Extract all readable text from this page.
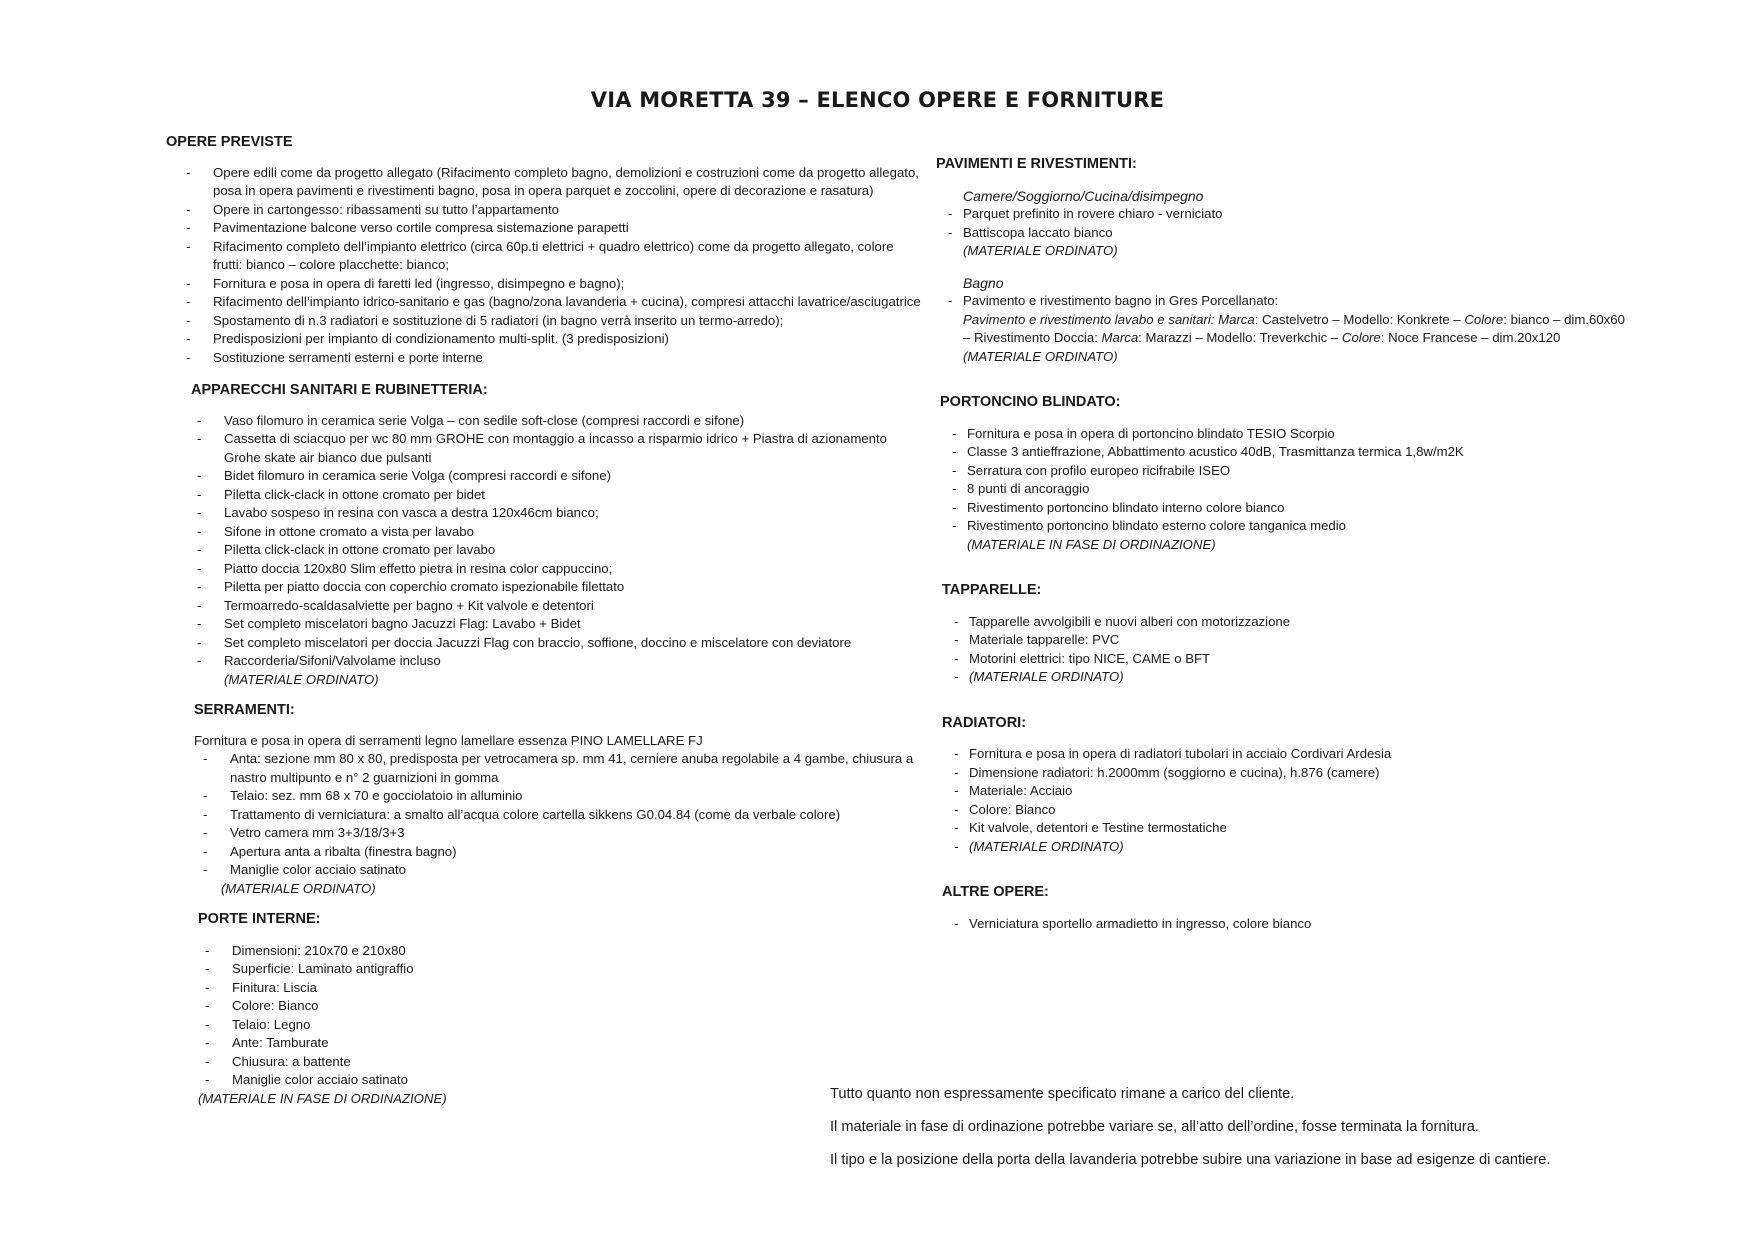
VIA MORETTA 39 – ELENCO OPERE E FORNITURE

OPERE PREVISTE

- Opere edili come da progetto allegato (Rifacimento completo bagno, demolizioni e costruzioni come da progetto allegato, posa in opera pavimenti e rivestimenti bagno, posa in opera parquet e zoccolini, opere di decorazione e rasatura)
- Opere in cartongesso: ribassamenti su tutto l’appartamento
- Pavimentazione balcone verso cortile compresa sistemazione parapetti
- Rifacimento completo dell’impianto elettrico (circa 60p.ti elettrici + quadro elettrico) come da progetto allegato, colore frutti: bianco – colore placchette: bianco;
- Fornitura e posa in opera di faretti led (ingresso, disimpegno e bagno);
- Rifacimento dell’impianto idrico-sanitario e gas (bagno/zona lavanderia + cucina), compresi attacchi lavatrice/asciugatrice
- Spostamento di n.3 radiatori e sostituzione di 5 radiatori (in bagno verrà inserito un termo-arredo);
- Predisposizioni per impianto di condizionamento multi-split. (3 predisposizioni)
- Sostituzione serramenti esterni e porte interne

APPARECCHI SANITARI E RUBINETTERIA:

- Vaso filomuro in ceramica serie Volga – con sedile soft-close (compresi raccordi e sifone)
- Cassetta di sciacquo per wc 80 mm GROHE con montaggio a incasso a risparmio idrico + Piastra di azionamento Grohe skate air bianco due pulsanti
- Bidet filomuro in ceramica serie Volga (compresi raccordi e sifone)
- Piletta click-clack in ottone cromato per bidet
- Lavabo sospeso in resina con vasca a destra 120x46cm bianco;
- Sifone in ottone cromato a vista per lavabo
- Piletta click-clack in ottone cromato per lavabo
- Piatto doccia 120x80 Slim effetto pietra in resina color cappuccino;
- Piletta per piatto doccia con coperchio cromato ispezionabile filettato
- Termoarredo-scaldasalviette per bagno + Kit valvole e detentori
- Set completo miscelatori bagno Jacuzzi Flag: Lavabo + Bidet
- Set completo miscelatori per doccia Jacuzzi Flag con braccio, soffione, doccino e miscelatore con deviatore
- Raccorderia/Sifoni/Valvolame incluso
(MATERIALE ORDINATO)

SERRAMENTI:

Fornitura e posa in opera di serramenti legno lamellare essenza PINO LAMELLARE FJ
- Anta: sezione mm 80 x 80, predisposta per vetrocamera sp. mm 41, cerniere anuba regolabile a 4 gambe, chiusura a nastro multipunto e n° 2 guarnizioni in gomma
- Telaio: sez. mm 68 x 70 e gocciolatoio in alluminio
- Trattamento di verniciatura: a smalto all’acqua colore cartella sikkens G0.04.84 (come da verbale colore)
- Vetro camera mm 3+3/18/3+3
- Apertura anta a ribalta (finestra bagno)
- Maniglie color acciaio satinato
(MATERIALE ORDINATO)

PORTE INTERNE:

- Dimensioni: 210x70 e 210x80
- Superficie: Laminato antigraffio
- Finitura: Liscia
- Colore: Bianco
- Telaio: Legno
- Ante: Tamburate
- Chiusura: a battente
- Maniglie color acciaio satinato
(MATERIALE IN FASE DI ORDINAZIONE)

PAVIMENTI E RIVESTIMENTI:

Camere/Soggiorno/Cucina/disimpegno
- Parquet prefinito in rovere chiaro - verniciato
- Battiscopa laccato bianco
(MATERIALE ORDINATO)
Bagno
- Pavimento e rivestimento bagno in Gres Porcellanato:
Pavimento e rivestimento lavabo e sanitari: Marca: Castelvetro – Modello: Konkrete – Colore: bianco – dim.60x60
– Rivestimento Doccia: Marca: Marazzi – Modello: Treverkchic – Colore: Noce Francese – dim.20x120
(MATERIALE ORDINATO)

PORTONCINO BLINDATO:

- Fornitura e posa in opera di portoncino blindato TESIO Scorpio
- Classe 3 antieffrazione, Abbattimento acustico 40dB, Trasmittanza termica 1,8w/m2K
- Serratura con profilo europeo ricifrabile ISEO
- 8 punti di ancoraggio
- Rivestimento portoncino blindato interno colore bianco
- Rivestimento portoncino blindato esterno colore tanganica medio
(MATERIALE IN FASE DI ORDINAZIONE)

TAPPARELLE:

- Tapparelle avvolgibili e nuovi alberi con motorizzazione
- Materiale tapparelle: PVC
- Motorini elettrici: tipo NICE, CAME o BFT
- (MATERIALE ORDINATO)

RADIATORI:

- Fornitura e posa in opera di radiatori tubolari in acciaio Cordivari Ardesia
- Dimensione radiatori: h.2000mm (soggiorno e cucina), h.876 (camere)
- Materiale: Acciaio
- Colore: Bianco
- Kit valvole, detentori e Testine termostatiche
- (MATERIALE ORDINATO)

ALTRE OPERE:

- Verniciatura sportello armadietto in ingresso, colore bianco

Tutto quanto non espressamente specificato rimane a carico del cliente.

Il materiale in fase di ordinazione potrebbe variare se, all’atto dell’ordine, fosse terminata la fornitura.

Il tipo e la posizione della porta della lavanderia potrebbe subire una variazione in base ad esigenze di cantiere.
